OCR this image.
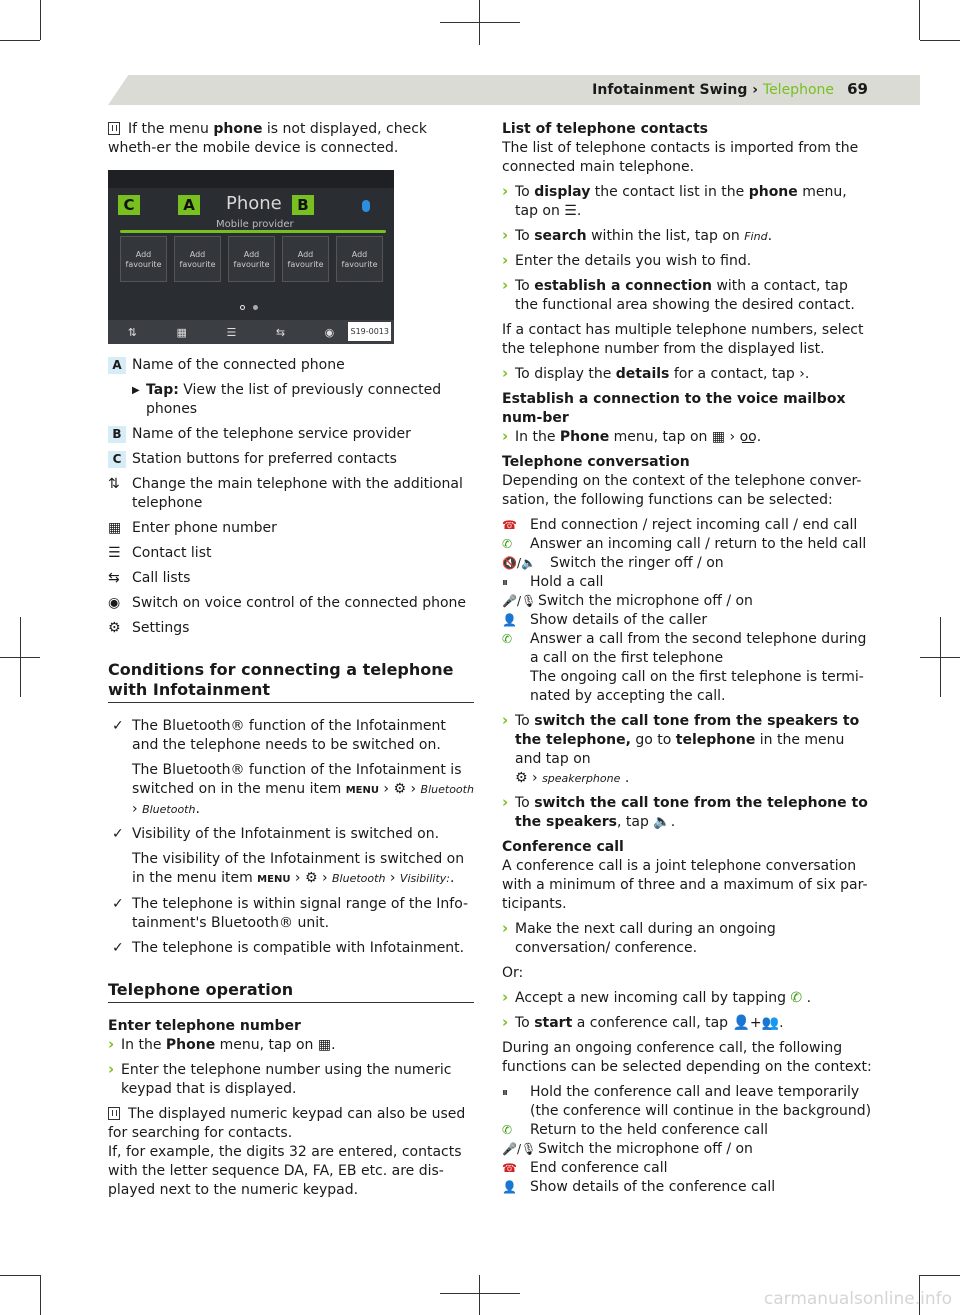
Infotainment Swing › Telephone 69

If the menu phone is not displayed, check wheth-er the mobile device is connected.

C	A Phone	B
Mobile provider
Add favourite
Add favourite
Add favourite
Add favourite
Add favourite
⇅	▦	☰	⇆	◉ S19-0013
A Name of the connected phone
▶ Tap: View the list of previously connected phones
B Name of the telephone service provider
C Station buttons for preferred contacts
⇅ Change the main telephone with the additional telephone
▦ Enter phone number
☰ Contact list
⇆ Call lists
◉ Switch on voice control of the connected phone
⚙ Settings
Conditions for connecting a telephone with Infotainment
✓ The Bluetooth® function of the Infotainment and the telephone needs to be switched on.
The Bluetooth® function of the Infotainment is switched on in the menu item MENU › ⚙ › Bluetooth › Bluetooth.
✓ Visibility of the Infotainment is switched on.
The visibility of the Infotainment is switched on in the menu item MENU › ⚙ › Bluetooth › Visibility:.
✓ The telephone is within signal range of the Info-tainment's Bluetooth® unit.
✓ The telephone is compatible with Infotainment.
Telephone operation
Enter telephone number
› In the Phone menu, tap on ▦.
› Enter the telephone number using the numeric keypad that is displayed.

The displayed numeric keypad can also be used for searching for contacts.

If, for example, the digits 32 are entered, contacts with the letter sequence DA, FA, EB etc. are dis-played next to the numeric keypad.

List of telephone contacts

The list of telephone contacts is imported from the connected main telephone.

› To display the contact list in the phone menu, tap on ☰.
› To search within the list, tap on Find.
› Enter the details you wish to find.
› To establish a connection with a contact, tap the functional area showing the desired contact.

If a contact has multiple telephone numbers, select the telephone number from the displayed list.

› To display the details for a contact, tap ›.
Establish a connection to the voice mailbox num-ber
› In the Phone menu, tap on ▦ › ᴏ͟ᴏ.
Telephone conversation

Depending on the context of the telephone conver-sation, the following functions can be selected:

☎ End connection / reject incoming call / end call
✆	Answer an incoming call / return to the held call
🔇/🔈	Switch the ringer off / on
⏸	Hold a call
🎤/🎙 Switch the microphone off / on
👤 Show details of the caller
✆	Answer a call from the second telephone during a call on the first telephone
The ongoing call on the first telephone is termi-nated by accepting the call.
› To switch the call tone from the speakers to the telephone, go to telephone in the menu and tap on
⚙ › speakerphone .
› To switch the call tone from the telephone to the speakers, tap 🔈.
Conference call

A conference call is a joint telephone conversation with a minimum of three and a maximum of six par-ticipants.

› Make the next call during an ongoing conversation/ conference.

Or:

› Accept a new incoming call by tapping ✆ .
› To start a conference call, tap 👤+👥.

During an ongoing conference call, the following functions can be selected depending on the context:

⏸	Hold the conference call and leave temporarily (the conference will continue in the background)
✆	Return to the held conference call
🎤/🎙 Switch the microphone off / on
☎ End conference call
👤 Show details of the conference call
carmanualsonline.info
